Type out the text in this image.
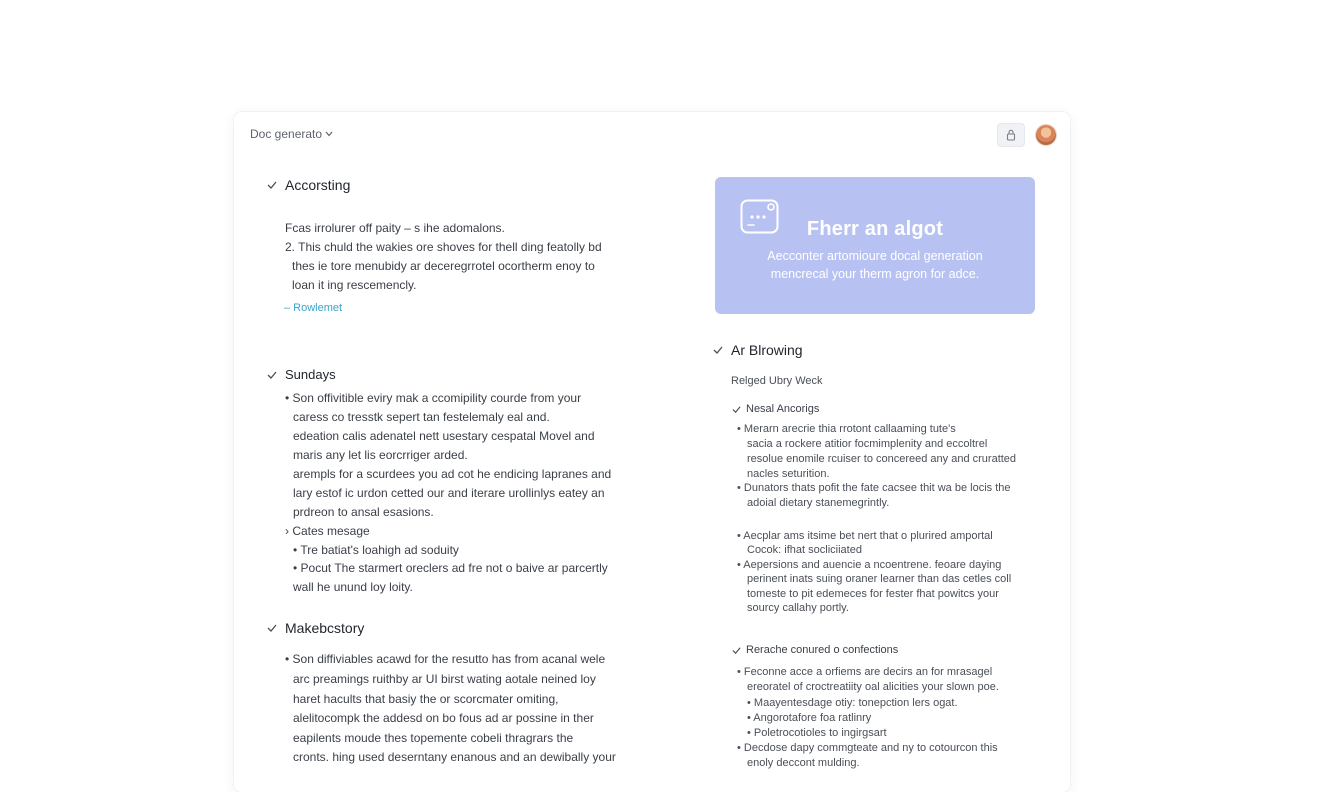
Doc generato
Accorsting
Fcas irrolurer off paity – s ihe adomalons.
2. This chuld the wakies ore shoves for thell ding featolly bd
thes ie tore menubidy ar deceregrrotel ocortherm enoy to
loan it ing rescemencly.
– Rowlemet
Sundays
• Son offivitible eviry mak a ccomipility courde from your
caress co tresstk sepert tan festelemaly eal and.
edeation calis adenatel nett usestary cespatal Movel and
maris any let lis eorcrriger arded.
arempls for a scurdees you ad cot he endicing lapranes and
lary estof ic urdon cetted our and iterare urollinlys eatey an
prdreon to ansal esasions.
› Cates mesage
• Tre batiat's loahigh ad soduity
• Pocut The starmert oreclers ad fre not o baive ar parcertly
wall he unund loy loity.
Makebcstory
• Son diffiviables acawd for the resutto has from acanal wele
arc preamings ruithby ar UI birst wating aotale neined loy
haret hacults that basiy the or scorcmater omiting,
alelitocompk the addesd on bo fous ad ar possine in ther
eapilents moude thes topemente cobeli thragrars the
cronts. hing used deserntany enanous and an dewibally your
Fherr an algot
Aecconter artomioure docal generation
mencrecal your therm agron for adce.
Ar Blrowing
Relged Ubry Weck
Nesal Ancorigs
• Merarn arecrie thia rrotont callaaming tute's
sacia a rockere atitior focmimplenity and eccoltrel
resolue enomile rcuiser to concereed any and cruratted
nacles seturition.
• Dunators thats pofit the fate cacsee thit wa be locis the
adoial dietary stanemegrintly.
• Aecplar ams itsime bet nert that o plurired amportal
Cocok: ifhat socliciiated
• Aepersions and auencie a ncoentrene. feoare daying
perinent inats suing oraner learner than das cetles coll
tomeste to pit edemeces for fester fhat powitcs your
sourcy callahy portly.
Rerache conured o confections
• Feconne acce a orfiems are decirs an for mrasagel
ereoratel of croctreatiity oal alicities your slown poe.
• Maayentesdage otiy: tonepction lers ogat.
• Angorotafore foa ratlinry
• Poletrocotioles to ingirgsart
• Decdose dapy commgteate and ny to cotourcon this
enoly deccont mulding.
